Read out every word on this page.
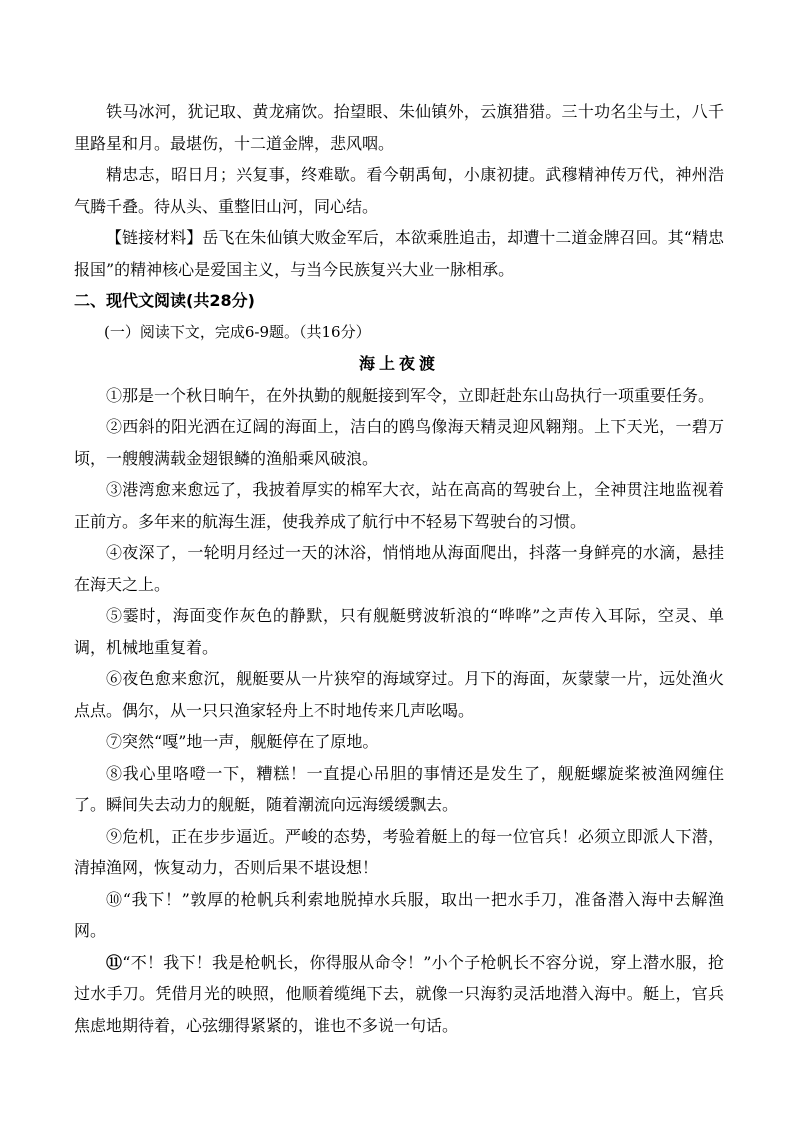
铁马冰河，犹记取、黄龙痛饮。抬望眼、朱仙镇外，云旗猎猎。三十功名尘与土，八千里路星和月。最堪伤，十二道金牌，悲风咽。

精忠志，昭日月；兴复事，终难歇。看今朝禹甸，小康初捷。武穆精神传万代，神州浩气腾千叠。待从头、重整旧山河，同心结。

【链接材料】岳飞在朱仙镇大败金军后，本欲乘胜追击，却遭十二道金牌召回。其“精忠报国”的精神核心是爱国主义，与当今民族复兴大业一脉相承。

二、现代文阅读(共28分)

(一）阅读下文，完成6-9题。（共16分）

海上夜渡

①那是一个秋日晌午，在外执勤的舰艇接到军令，立即赶赴东山岛执行一项重要任务。

②西斜的阳光洒在辽阔的海面上，洁白的鸥鸟像海天精灵迎风翱翔。上下天光，一碧万顷，一艘艘满载金翅银鳞的渔船乘风破浪。

③港湾愈来愈远了，我披着厚实的棉军大衣，站在高高的驾驶台上，全神贯注地监视着正前方。多年来的航海生涯，使我养成了航行中不轻易下驾驶台的习惯。

④夜深了，一轮明月经过一天的沐浴，悄悄地从海面爬出，抖落一身鲜亮的水滴，悬挂在海天之上。

⑤霎时，海面变作灰色的静默，只有舰艇劈波斩浪的“哗哗”之声传入耳际，空灵、单调，机械地重复着。

⑥夜色愈来愈沉，舰艇要从一片狭窄的海域穿过。月下的海面，灰蒙蒙一片，远处渔火点点。偶尔，从一只只渔家轻舟上不时地传来几声吆喝。

⑦突然“嘎”地一声，舰艇停在了原地。

⑧我心里咯噔一下，糟糕！一直提心吊胆的事情还是发生了，舰艇螺旋桨被渔网缠住了。瞬间失去动力的舰艇，随着潮流向远海缓缓飘去。

⑨危机，正在步步逼近。严峻的态势，考验着艇上的每一位官兵！必须立即派人下潜，清掉渔网，恢复动力，否则后果不堪设想！

⑩“我下！”敦厚的枪帆兵利索地脱掉水兵服，取出一把水手刀，准备潜入海中去解渔网。

⑪“不！我下！我是枪帆长，你得服从命令！”小个子枪帆长不容分说，穿上潜水服，抢过水手刀。凭借月光的映照，他顺着缆绳下去，就像一只海豹灵活地潜入海中。艇上，官兵焦虑地期待着，心弦绷得紧紧的，谁也不多说一句话。
